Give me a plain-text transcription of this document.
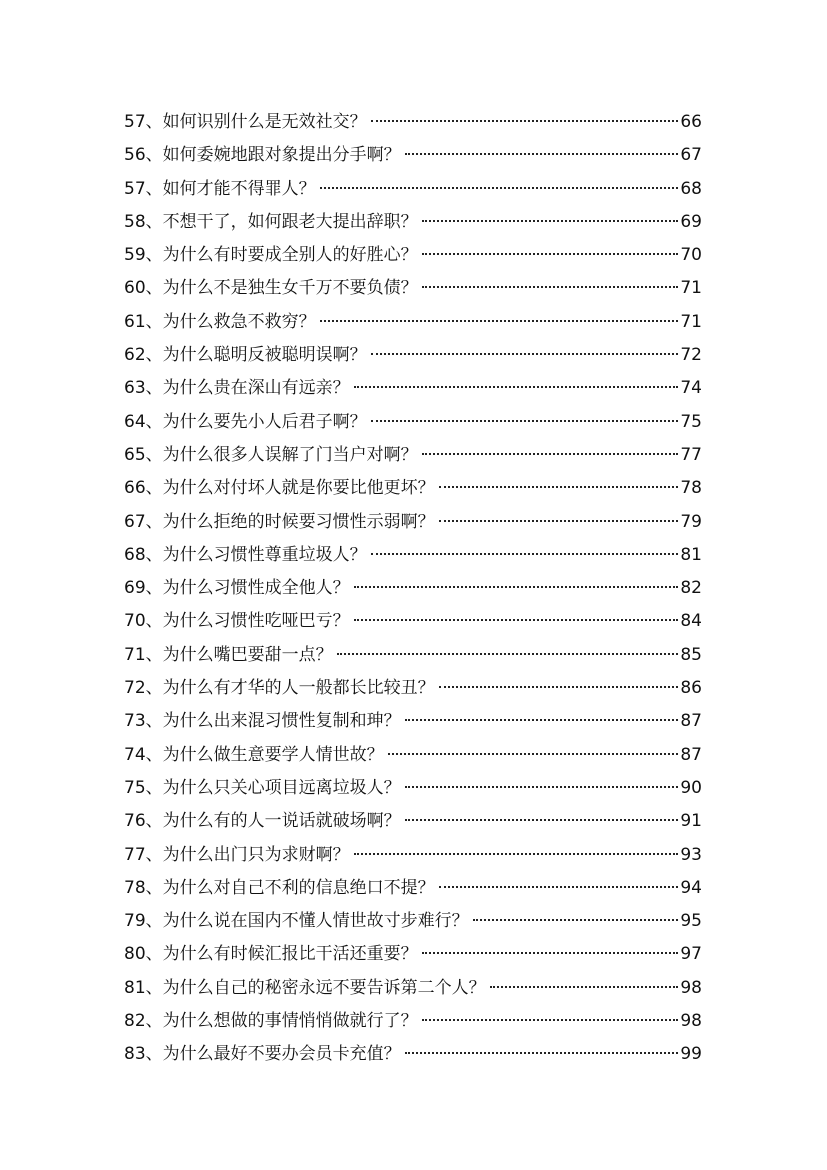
57 、如何识别什么是无效社交？	66
56 、如何委婉地跟对象提出分手啊？	67
57 、如何才能不得罪人？	68
58 、不想干了，如何跟老大提出辞职？	69
59 、为什么有时要成全别人的好胜心？	70
60 、为什么不是独生女千万不要负债？	71
61 、为什么救急不救穷？	71
62 、为什么聪明反被聪明误啊？	72
63 、为什么贵在深山有远亲？	74
64 、为什么要先小人后君子啊？	75
65 、为什么很多人误解了门当户对啊？	77
66 、为什么对付坏人就是你要比他更坏？	78
67 、为什么拒绝的时候要习惯性示弱啊？	79
68 、为什么习惯性尊重垃圾人？	81
69 、为什么习惯性成全他人？	82
70 、为什么习惯性吃哑巴亏？	84
71 、为什么嘴巴要甜一点？	85
72 、为什么有才华的人一般都长比较丑？	86
73 、为什么出来混习惯性复制和珅？	87
74 、为什么做生意要学人情世故？	87
75 、为什么只关心项目远离垃圾人？	90
76 、为什么有的人一说话就破场啊？	91
77 、为什么出门只为求财啊？	93
78 、为什么对自己不利的信息绝口不提？	94
79 、为什么说在国内不懂人情世故寸步难行？	95
80 、为什么有时候汇报比干活还重要？	97
81 、为什么自己的秘密永远不要告诉第二个人？	98
82 、为什么想做的事情悄悄做就行了？	98
83 、为什么最好不要办会员卡充值？	99
